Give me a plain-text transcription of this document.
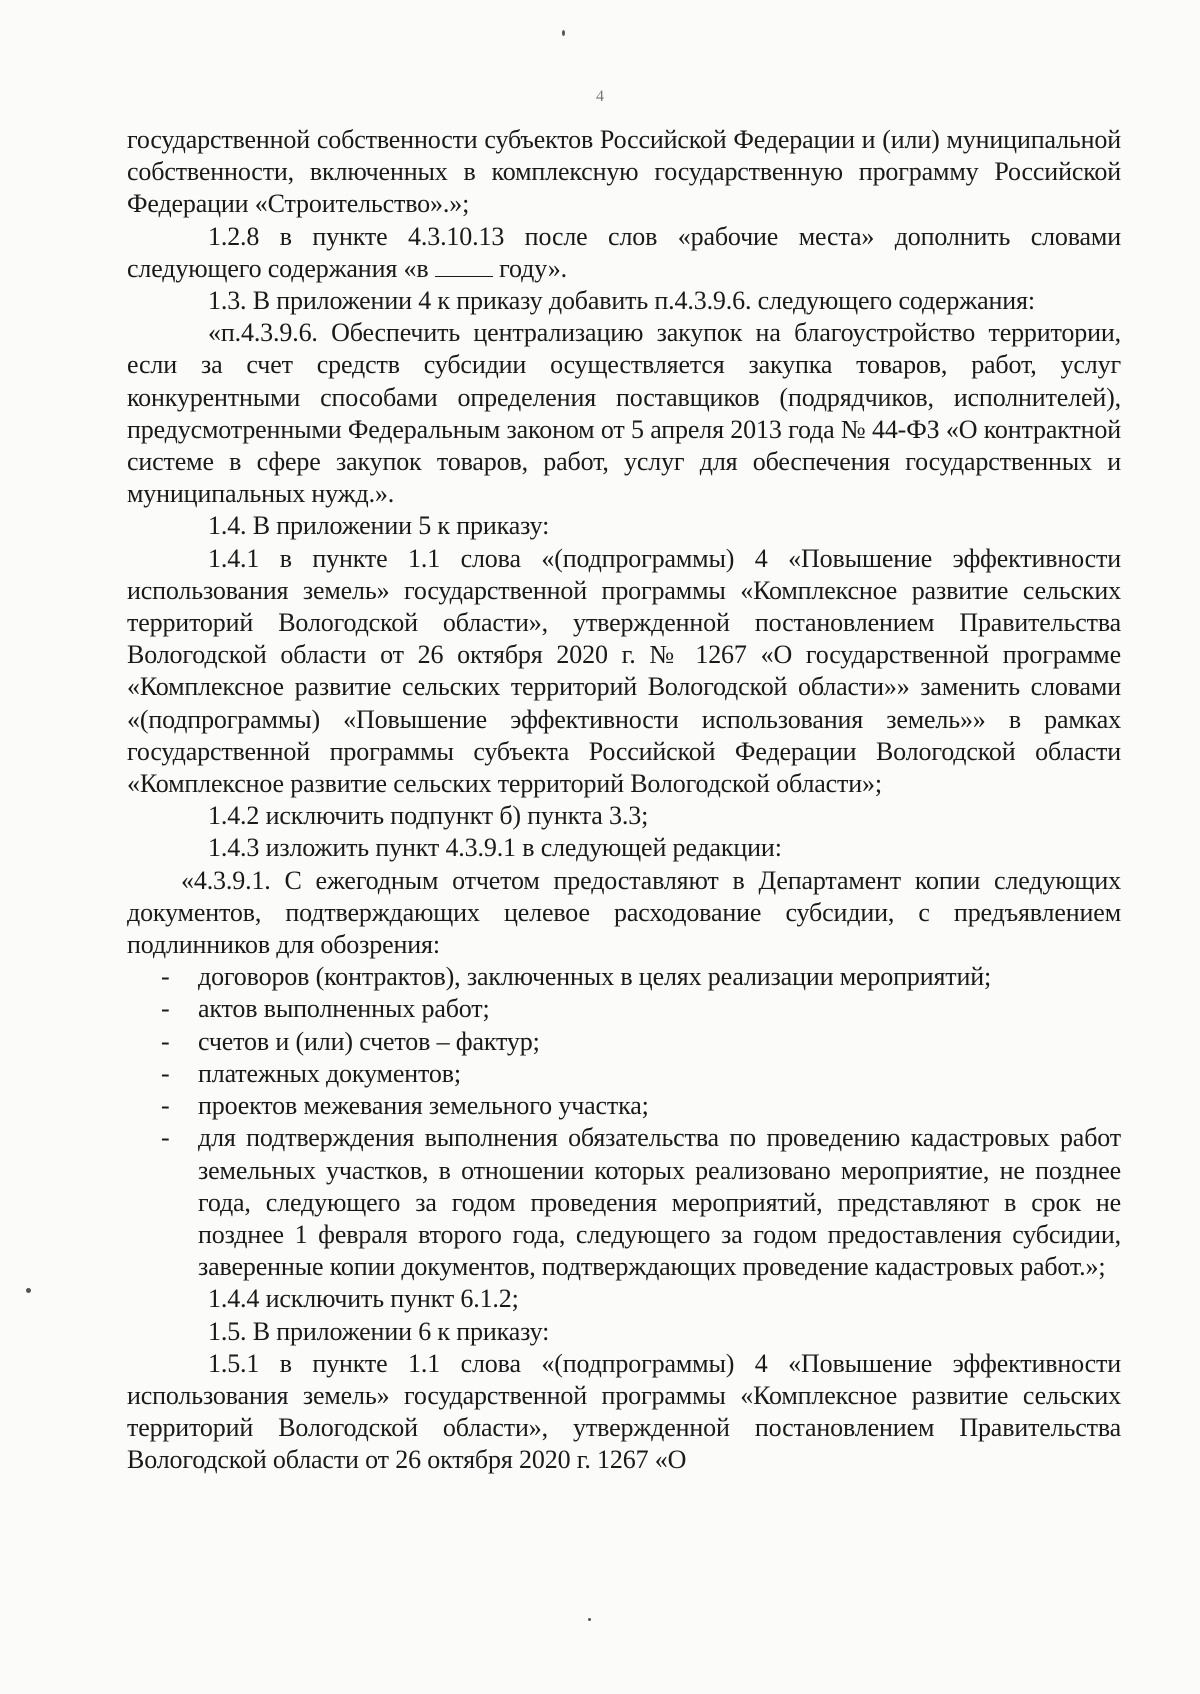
4

государственной собственности субъектов Российской Федерации и (или) муниципальной собственности, включенных в комплексную государственную программу Российской Федерации «Строительство».»;

1.2.8 в пункте 4.3.10.13 после слов «рабочие места» дополнить словами следующего содержания «в  году».

1.3. В приложении 4 к приказу добавить п.4.3.9.6. следующего содержания:

«п.4.3.9.6. Обеспечить централизацию закупок на благоустройство территории, если за счет средств субсидии осуществляется закупка товаров, работ, услуг конкурентными способами определения поставщиков (подрядчиков, исполнителей), предусмотренными Федеральным законом от 5 апреля 2013 года № 44-ФЗ «О контрактной системе в сфере закупок товаров, работ, услуг для обеспечения государственных и муниципальных нужд.».

1.4. В приложении 5 к приказу:

1.4.1 в пункте 1.1 слова «(подпрограммы) 4 «Повышение эффективности использования земель» государственной программы «Комплексное развитие сельских территорий Вологодской области», утвержденной постановлением Правительства Вологодской области от 26 октября 2020 г. № 1267 «О государственной программе «Комплексное развитие сельских территорий Вологодской области»» заменить словами «(подпрограммы) «Повышение эффективности использования земель»» в рамках государственной программы субъекта Российской Федерации Вологодской области «Комплексное развитие сельских территорий Вологодской области»;

1.4.2 исключить подпункт б) пункта 3.3;

1.4.3 изложить пункт 4.3.9.1 в следующей редакции:

«4.3.9.1. С ежегодным отчетом предоставляют в Департамент копии следующих документов, подтверждающих целевое расходование субсидии, с предъявлением подлинников для обозрения:

- договоров (контрактов), заключенных в целях реализации мероприятий;
- актов выполненных работ;
- счетов и (или) счетов – фактур;
- платежных документов;
- проектов межевания земельного участка;
- для подтверждения выполнения обязательства по проведению кадастровых работ земельных участков, в отношении которых реализовано мероприятие, не позднее года, следующего за годом проведения мероприятий, представляют в срок не позднее 1 февраля второго года, следующего за годом предоставления субсидии, заверенные копии документов, подтверждающих проведение кадастровых работ.»;

1.4.4 исключить пункт 6.1.2;

1.5. В приложении 6 к приказу:

1.5.1 в пункте 1.1 слова «(подпрограммы) 4 «Повышение эффективности использования земель» государственной программы «Комплексное развитие сельских территорий Вологодской области», утвержденной постановлением Правительства Вологодской области от 26 октября 2020 г. 1267 «О
